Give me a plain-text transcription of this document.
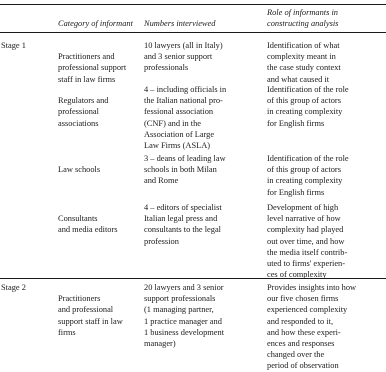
Category of informant Numbers interviewed
Role of informants in
constructing analysis
Stage 1

Practitioners and
professional support
staff in law firms

10 lawyers (all in Italy)
and 3 senior support
professionals
Identification of what
complexity meant in
the case study context
and what caused it

Regulators and
professional
associations

4 – including officials in
the Italian national pro-
fessional association
(CNF) and in the
Association of Large
Law Firms (ASLA)
Identification of the role
of this group of actors
in creating complexity
for English firms

Law schools

3 – deans of leading law
schools in both Milan
and Rome
Identification of the role
of this group of actors
in creating complexity
for English firms

Consultants
and media editors

4 – editors of specialist
Italian legal press and
consultants to the legal
profession
Development of high
level narrative of how
complexity had played
out over time, and how
the media itself contrib-
uted to firms' experien-
ces of complexity
Stage 2

Practitioners
and professional
support staff in law
firms

20 lawyers and 3 senior
support professionals
(1 managing partner,
1 practice manager and
1 business development
manager)
Provides insights into how
our five chosen firms
experienced complexity
and responded to it,
and how these experi-
ences and responses
changed over the
period of observation
